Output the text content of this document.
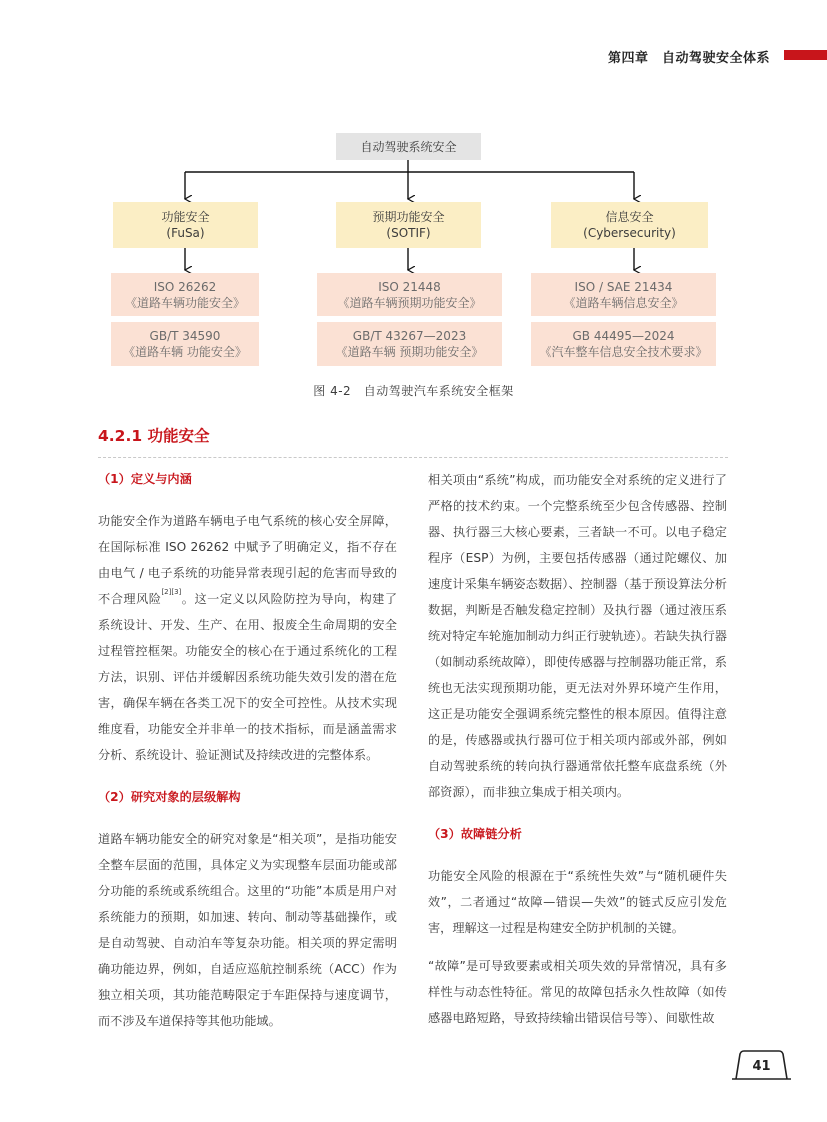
第四章　自动驾驶安全体系
自动驾驶系统安全
功能安全
(FuSa)
预期功能安全
(SOTIF)
信息安全
(Cybersecurity)
ISO 26262
《道路车辆功能安全》
GB/T 34590
《道路车辆 功能安全》
ISO 21448
《道路车辆预期功能安全》
GB/T 43267—2023
《道路车辆 预期功能安全》
ISO / SAE 21434
《道路车辆信息安全》
GB 44495—2024
《汽车整车信息安全技术要求》
图 4-2　自动驾驶汽车系统安全框架
4.2.1 功能安全
（1）定义与内涵

功能安全作为道路车辆电子电气系统的核心安全屏障，在国际标准 ISO 26262 中赋予了明确定义，指不存在由电气 / 电子系统的功能异常表现引起的危害而导致的不合理风险[2][3]。这一定义以风险防控为导向，构建了系统设计、开发、生产、在用、报废全生命周期的安全过程管控框架。功能安全的核心在于通过系统化的工程方法，识别、评估并缓解因系统功能失效引发的潜在危害，确保车辆在各类工况下的安全可控性。从技术实现维度看，功能安全并非单一的技术指标，而是涵盖需求分析、系统设计、验证测试及持续改进的完整体系。

（2）研究对象的层级解构

道路车辆功能安全的研究对象是“相关项”，是指功能安全整车层面的范围，具体定义为实现整车层面功能或部分功能的系统或系统组合。这里的“功能”本质是用户对系统能力的预期，如加速、转向、制动等基础操作，或是自动驾驶、自动泊车等复杂功能。相关项的界定需明确功能边界，例如，自适应巡航控制系统（ACC）作为独立相关项，其功能范畴限定于车距保持与速度调节，而不涉及车道保持等其他功能域。

相关项由“系统”构成，而功能安全对系统的定义进行了严格的技术约束。一个完整系统至少包含传感器、控制器、执行器三大核心要素，三者缺一不可。以电子稳定程序（ESP）为例，主要包括传感器（通过陀螺仪、加速度计采集车辆姿态数据）、控制器（基于预设算法分析数据，判断是否触发稳定控制）及执行器（通过液压系统对特定车轮施加制动力纠正行驶轨迹）。若缺失执行器（如制动系统故障），即使传感器与控制器功能正常，系统也无法实现预期功能，更无法对外界环境产生作用，这正是功能安全强调系统完整性的根本原因。值得注意的是，传感器或执行器可位于相关项内部或外部，例如自动驾驶系统的转向执行器通常依托整车底盘系统（外部资源），而非独立集成于相关项内。

（3）故障链分析

功能安全风险的根源在于“系统性失效”与“随机硬件失效”，二者通过“故障—错误—失效”的链式反应引发危害，理解这一过程是构建安全防护机制的关键。

“故障”是可导致要素或相关项失效的异常情况，具有多样性与动态性特征。常见的故障包括永久性故障（如传感器电路短路，导致持续输出错误信号等）、间歇性故

41
